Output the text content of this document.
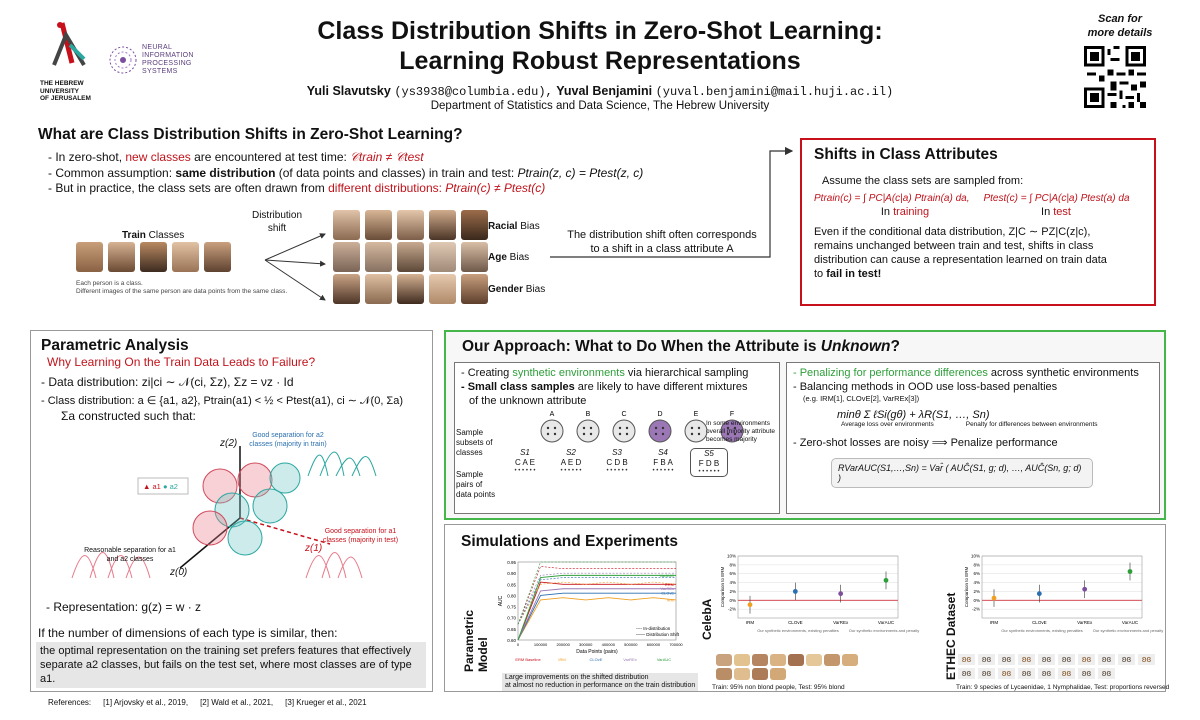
THE HEBREW
UNIVERSITY
OF JERUSALEM
NEURAL INFORMATION
PROCESSING SYSTEMS
Class Distribution Shifts in Zero-Shot Learning:
Learning Robust Representations
Yuli Slavutsky (ys3938@columbia.edu), Yuval Benjamini (yuval.benjamini@mail.huji.ac.il)
Department of Statistics and Data Science, The Hebrew University
Scan for
more details
What are Class Distribution Shifts in Zero-Shot Learning?
- In zero-shot, new classes are encountered at test time: 𝒞train ≠ 𝒞test
- Common assumption: same distribution (of data points and classes) in train and test: Ptrain(z, c) = Ptest(z, c)
- But in practice, the class sets are often drawn from different distributions: Ptrain(c) ≠ Ptest(c)
Train Classes
Each person is a class.
Different images of the same person are data points from the same class.
Distribution shift	Racial Bias
Age Bias
Gender Bias
The distribution shift often corresponds
to a shift in a class attribute A
Shifts in Class Attributes
Assume the class sets are sampled from:
Ptrain(c) = ∫ PC|A(c|a) Ptrain(a) da, Ptest(c) = ∫ PC|A(c|a) Ptest(a) da
In training	In test
Even if the conditional data distribution, Z|C ∼ PZ|C(z|c),
remains unchanged between train and test, shifts in class
distribution can cause a representation learned on train data
to fail in test!
Parametric Analysis
Why Learning On the Train Data Leads to Failure?
- Data distribution: zi|ci ∼ 𝒩(ci, Σz), Σz = νz · Id
- Class distribution: a ∈ {a1, a2}, Ptrain(a1) < ½ < Ptest(a1), ci ∼ 𝒩(0, Σa)
Σa constructed such that:
z(2)
z(1)
z(0)
▲ a1 ● a2
Good separation for a2 classes (majority in train)
Good separation for a1 classes (majority in test)
Reasonable separation for a1 and a2 classes
- Representation: g(z) = w · z
If the number of dimensions of each type is similar, then:
the optimal representation on the training set prefers features that effectively
separate a2 classes, but fails on the test set, where most classes are of type a1.
Our Approach: What to Do When the Attribute is Unknown?
- Creating synthetic environments via hierarchical sampling
- Small class samples are likely to have different mixtures
of the unknown attribute
- Penalizing for performance differences across synthetic environments
- Balancing methods in OOD use loss-based penalties
(e.g. IRM[1], CLOvE[2], VarREx[3])
minθ Σ ℓSi(gθ) + λR(S1, …, Sn)
Average loss over environments	Penalty for differences between environments
- Zero-shot losses are noisy ⟹ Penalize performance
RVarAUC(S1,…,Sn) = Var̂ ( AUĈ(S1, g; d), …, AUĈ(Sn, g; d) )
A	B	C	D	E	F
Sample subsets of classes
Sample pairs of data points
In some environments overall minority attribute becomes majority
S1
C A E
• • • • • •
S2
A E D
• • • • • •
S3
C D B
• • • • • •
S4
F B A
• • • • • •
S5
F D B
• • • • • •
Simulations and Experiments
Parametric Model	0.60
0.65
0.70
0.75
0.80
0.85
0.90
0.95
0	100000 200000 300000 400000 500000 600000 700000
Data Points (pairs)
AUC
ERM
IRM
CLOvE
VarREx
VarAUC
---- In-distribution
—— Distribution Shift
ERM Baseline	IRM	CLOvE	VarREx	VarAUC
Large improvements on the shifted distribution
at almost no reduction in performance on the train distribution
CelebA	-2%
0%
2%
4%
6%
8%
10%
Comparison to ERM
IRM	CLOvE	VarREx	VarAUC
Our synthetic environments, existing penalties Our synthetic environments and penalty
Train: 95% non blond people, Test: 95% blond
ETHEC Dataset	-2%
0%
2%
4%
6%
8%
10%
Comparison to ERM
IRM	CLOvE	VarREx	VarAUC
Our synthetic environments, existing penalties Our synthetic environments and penalty
ʚɞ	ʚɞ	ʚɞ	ʚɞ	ʚɞ	ʚɞ	ʚɞ	ʚɞ	ʚɞ	ʚɞ
ʚɞ	ʚɞ	ʚɞ	ʚɞ	ʚɞ	ʚɞ	ʚɞ	ʚɞ
Train: 9 species of Lycaenidae, 1 Nymphalidae, Test: proportions reversed
References: [1] Arjovsky et al., 2019, [2] Wald et al., 2021, [3] Krueger et al., 2021
